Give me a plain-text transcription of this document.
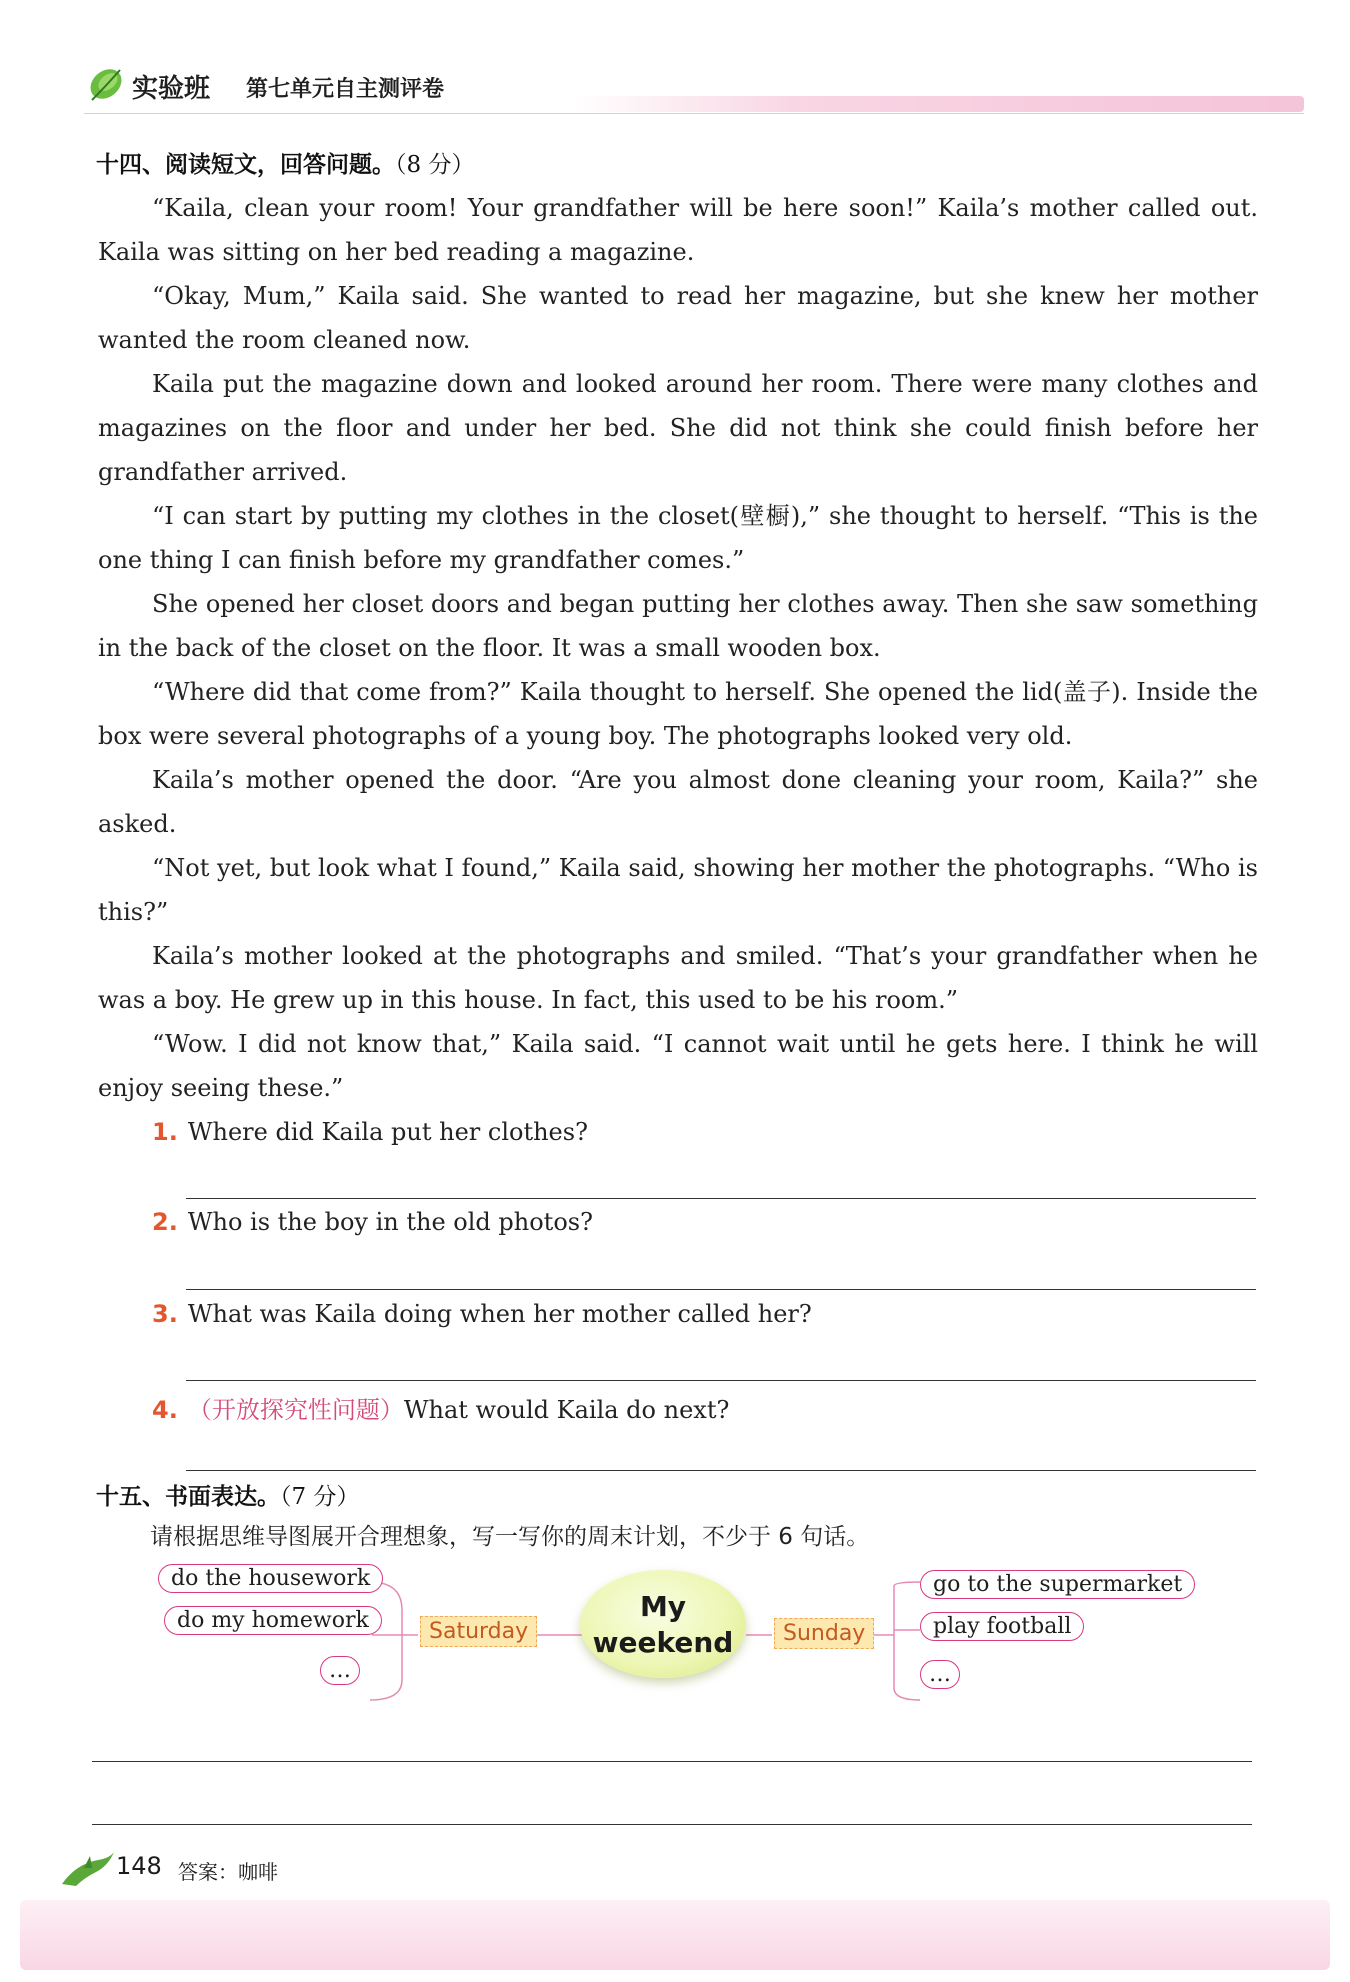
实验班 第七单元自主测评卷
十四、阅读短文，回答问题。（8 分）
“Kaila, clean your room! Your grandfather will be here soon!” Kaila’s mother called out. Kaila was sitting on her bed reading a magazine.
“Okay, Mum,” Kaila said. She wanted to read her magazine, but she knew her mother wanted the room cleaned now.
Kaila put the magazine down and looked around her room. There were many clothes and magazines on the floor and under her bed. She did not think she could finish before her grandfather arrived.
“I can start by putting my clothes in the closet(壁橱),” she thought to herself. “This is the one thing I can finish before my grandfather comes.”
She opened her closet doors and began putting her clothes away. Then she saw something in the back of the closet on the floor. It was a small wooden box.
“Where did that come from?” Kaila thought to herself. She opened the lid(盖子). Inside the box were several photographs of a young boy. The photographs looked very old.
Kaila’s mother opened the door. “Are you almost done cleaning your room, Kaila?” she asked.
“Not yet, but look what I found,” Kaila said, showing her mother the photographs. “Who is this?”
Kaila’s mother looked at the photographs and smiled. “That’s your grandfather when he was a boy. He grew up in this house. In fact, this used to be his room.”
“Wow. I did not know that,” Kaila said. “I cannot wait until he gets here. I think he will enjoy seeing these.”
1. Where did Kaila put her clothes?
2. Who is the boy in the old photos?
3. What was Kaila doing when her mother called her?
4. （开放探究性问题）What would Kaila do next?
十五、书面表达。（7 分）
请根据思维导图展开合理想象，写一写你的周末计划，不少于 6 句话。
do the housework
do my homework
…
Saturday
My
weekend	Sunday
go to the supermarket
play football
…
148 答案：咖啡
